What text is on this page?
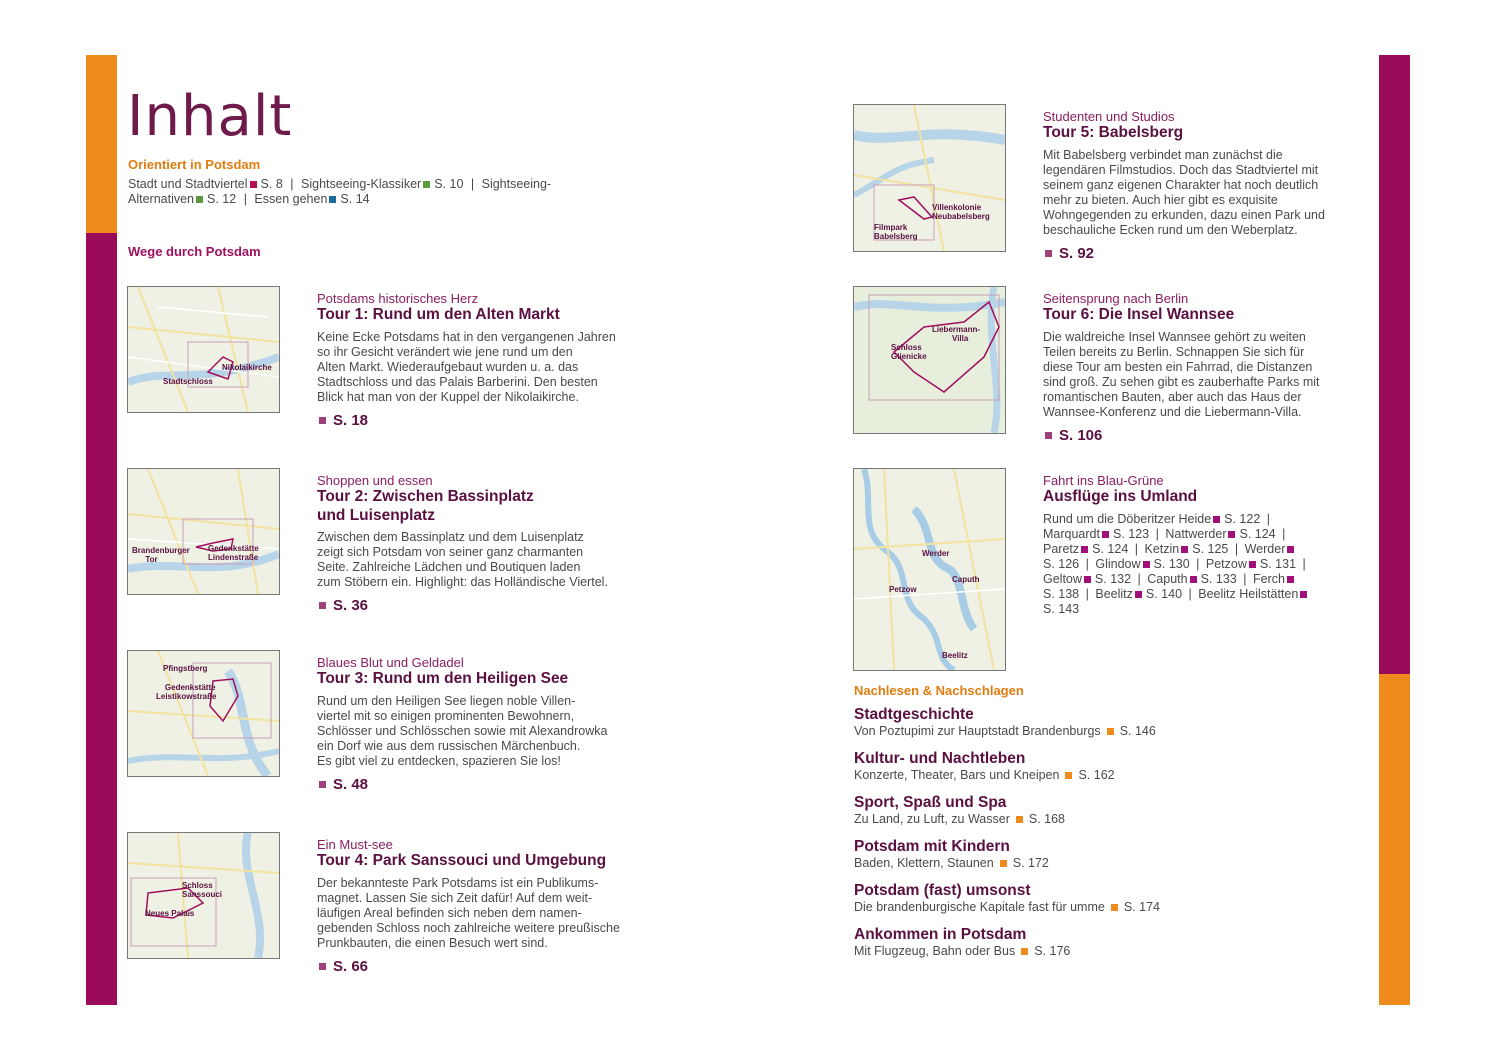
Inhalt
Orientiert in Potsdam
Stadt und Stadtviertel S. 8 | Sightseeing-Klassiker S. 10 | Sightseeing-
Alternativen S. 12 | Essen gehen S. 14
Wege durch Potsdam
Nikolaikirche
Stadtschloss
Potsdams historisches Herz
Tour 1: Rund um den Alten Markt
Keine Ecke Potsdams hat in den vergangenen Jahren
so ihr Gesicht verändert wie jene rund um den
Alten Markt. Wiederaufgebaut wurden u. a. das
Stadtschloss und das Palais Barberini. Den besten
Blick hat man von der Kuppel der Nikolaikirche.
S. 18
Brandenburger
Tor
Gedenkstätte
Lindenstraße
Shoppen und essen
Tour 2: Zwischen Bassinplatz
und Luisenplatz
Zwischen dem Bassinplatz und dem Luisenplatz
zeigt sich Potsdam von seiner ganz charmanten
Seite. Zahlreiche Lädchen und Boutiquen laden
zum Stöbern ein. Highlight: das Holländische Viertel.
S. 36
Pfingstberg
Gedenkstätte
Leistikowstraße
Blaues Blut und Geldadel
Tour 3: Rund um den Heiligen See
Rund um den Heiligen See liegen noble Villen-
viertel mit so einigen prominenten Bewohnern,
Schlösser und Schlösschen sowie mit Alexandrowka
ein Dorf wie aus dem russischen Märchenbuch.
Es gibt viel zu entdecken, spazieren Sie los!
S. 48
Schloss
Sanssouci
Neues Palais
Ein Must-see
Tour 4: Park Sanssouci und Umgebung
Der bekannteste Park Potsdams ist ein Publikums-
magnet. Lassen Sie sich Zeit dafür! Auf dem weit-
läufigen Areal befinden sich neben dem namen-
gebenden Schloss noch zahlreiche weitere preußische
Prunkbauten, die einen Besuch wert sind.
S. 66
Villenkolonie
Neubabelsberg
Filmpark
Babelsberg
Studenten und Studios
Tour 5: Babelsberg
Mit Babelsberg verbindet man zunächst die
legendären Filmstudios. Doch das Stadtviertel mit
seinem ganz eigenen Charakter hat noch deutlich
mehr zu bieten. Auch hier gibt es exquisite
Wohngegenden zu erkunden, dazu einen Park und
beschauliche Ecken rund um den Weberplatz.
S. 92
Liebermann-
Villa
Schloss
Glienicke
Seitensprung nach Berlin
Tour 6: Die Insel Wannsee
Die waldreiche Insel Wannsee gehört zu weiten
Teilen bereits zu Berlin. Schnappen Sie sich für
diese Tour am besten ein Fahrrad, die Distanzen
sind groß. Zu sehen gibt es zauberhafte Parks mit
romantischen Bauten, aber auch das Haus der
Wannsee-Konferenz und die Liebermann-Villa.
S. 106
Werder
Caputh
Petzow
Beelitz
Fahrt ins Blau-Grüne
Ausflüge ins Umland
Rund um die Döberitzer Heide S. 122 |
Marquardt S. 123 | Nattwerder S. 124 |
Paretz S. 124 | Ketzin S. 125 | Werder
S. 126 | Glindow S. 130 | Petzow S. 131 |
Geltow S. 132 | Caputh S. 133 | Ferch
S. 138 | Beelitz S. 140 | Beelitz Heilstätten
S. 143
Nachlesen & Nachschlagen
Stadtgeschichte
Von Poztupimi zur Hauptstadt Brandenburgs S. 146
Kultur- und Nachtleben
Konzerte, Theater, Bars und Kneipen S. 162
Sport, Spaß und Spa
Zu Land, zu Luft, zu Wasser S. 168
Potsdam mit Kindern
Baden, Klettern, Staunen S. 172
Potsdam (fast) umsonst
Die brandenburgische Kapitale fast für umme S. 174
Ankommen in Potsdam
Mit Flugzeug, Bahn oder Bus S. 176
